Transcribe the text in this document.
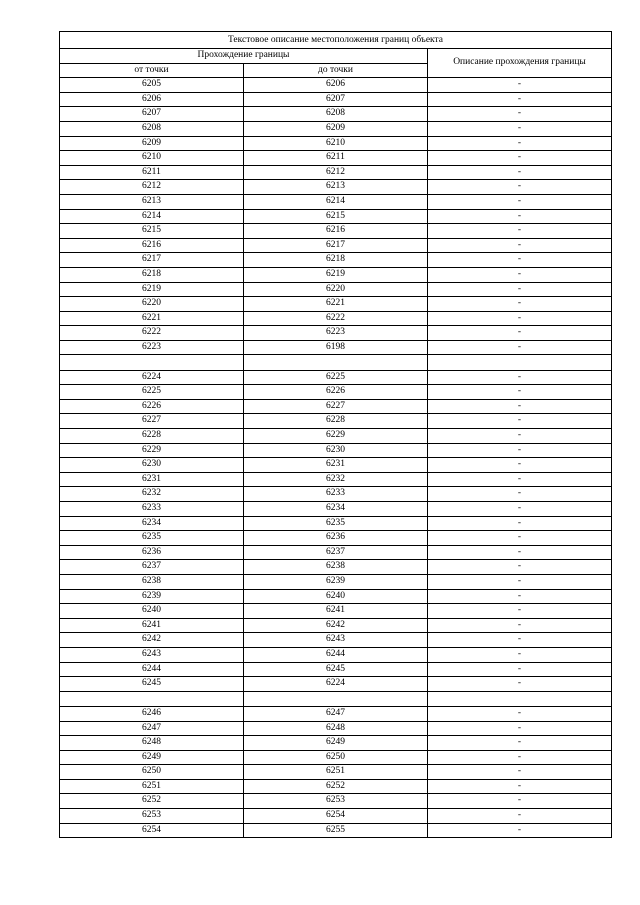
Текстовое описание местоположения границ объекта		
Прохождение границы		Описание прохождения границы
от точки	до точки	
6205	6206	-
6206	6207	-
6207	6208	-
6208	6209	-
6209	6210	-
6210	6211	-
6211	6212	-
6212	6213	-
6213	6214	-
6214	6215	-
6215	6216	-
6216	6217	-
6217	6218	-
6218	6219	-
6219	6220	-
6220	6221	-
6221	6222	-
6222	6223	-
6223	6198	-

6224	6225	-
6225	6226	-
6226	6227	-
6227	6228	-
6228	6229	-
6229	6230	-
6230	6231	-
6231	6232	-
6232	6233	-
6233	6234	-
6234	6235	-
6235	6236	-
6236	6237	-
6237	6238	-
6238	6239	-
6239	6240	-
6240	6241	-
6241	6242	-
6242	6243	-
6243	6244	-
6244	6245	-
6245	6224	-

6246	6247	-
6247	6248	-
6248	6249	-
6249	6250	-
6250	6251	-
6251	6252	-
6252	6253	-
6253	6254	-
6254	6255	-
